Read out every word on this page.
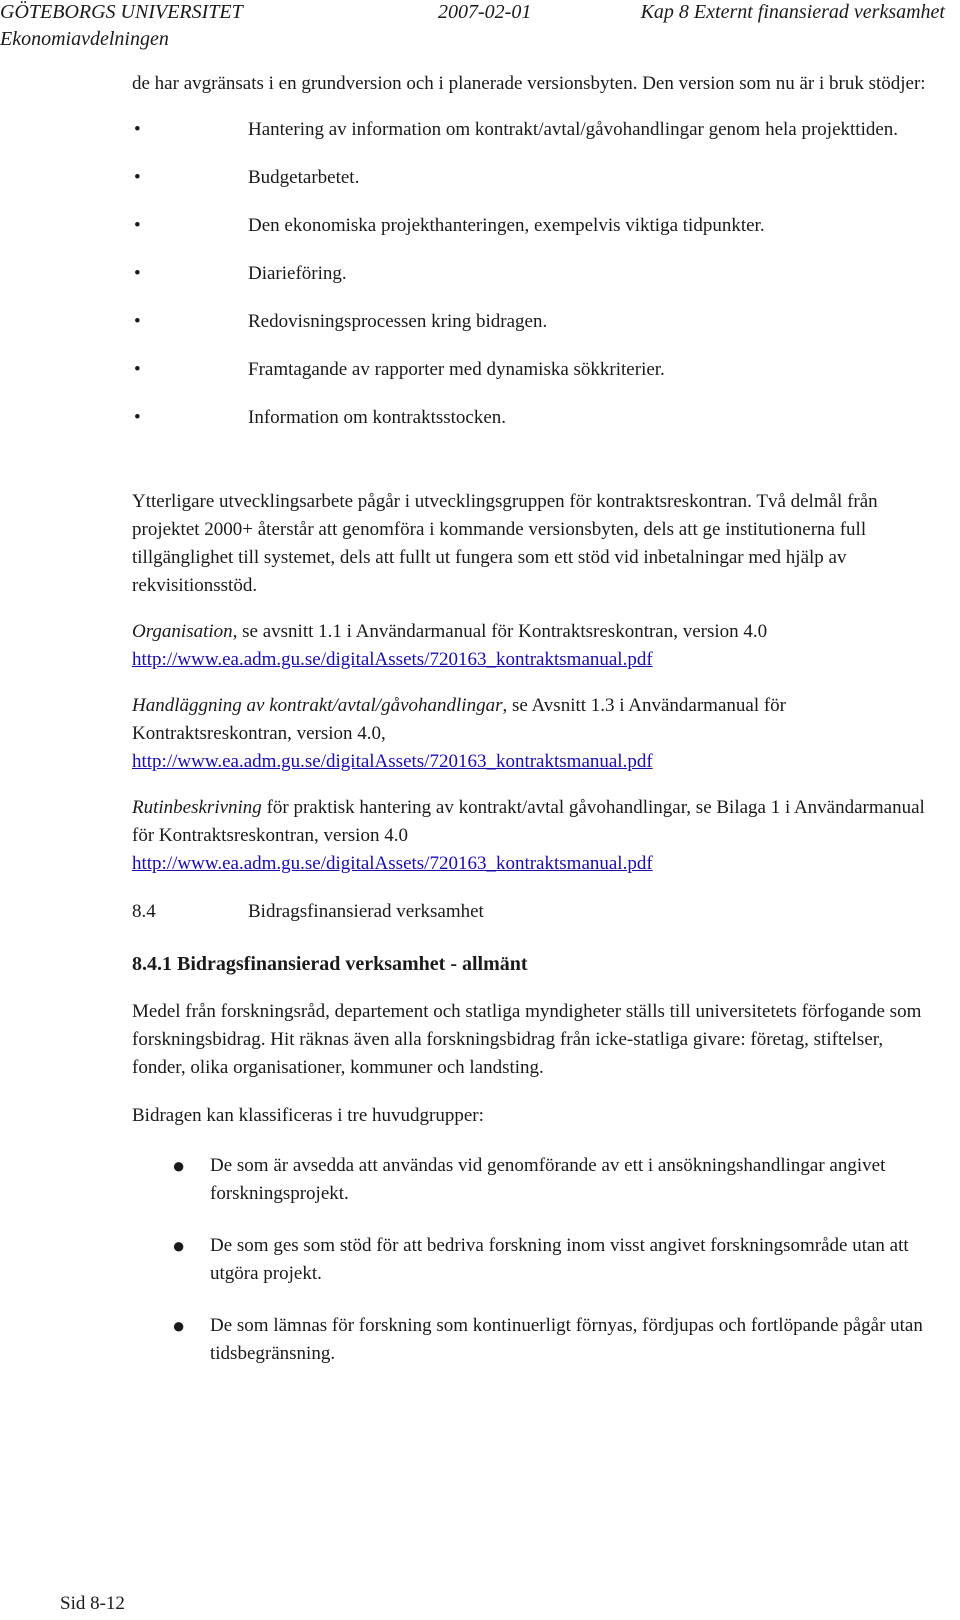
GÖTEBORGS UNIVERSITET	2007-02-01	Kap 8 Externt finansierad verksamhet
Ekonomiavdelningen

de har avgränsats i en grundversion och i planerade versionsbyten. Den version som nu är i bruk stödjer:

•	Hantering av information om kontrakt/avtal/gåvohandlingar genom hela projekttiden.
•	Budgetarbetet.
•	Den ekonomiska projekthanteringen, exempelvis viktiga tidpunkter.
•	Diarieföring.
•	Redovisningsprocessen kring bidragen.
•	Framtagande av rapporter med dynamiska sökkriterier.
•	Information om kontraktsstocken.

Ytterligare utvecklingsarbete pågår i utvecklingsgruppen för kontraktsreskontran. Två delmål från projektet 2000+ återstår att genomföra i kommande versionsbyten, dels att ge institutionerna full tillgänglighet till systemet, dels att fullt ut fungera som ett stöd vid inbetalningar med hjälp av rekvisitionsstöd.

Organisation, se avsnitt 1.1 i Användarmanual för Kontraktsreskontran, version 4.0
http://www.ea.adm.gu.se/digitalAssets/720163_kontraktsmanual.pdf

Handläggning av kontrakt/avtal/gåvohandlingar, se Avsnitt 1.3 i Användarmanual för Kontraktsreskontran, version 4.0,
http://www.ea.adm.gu.se/digitalAssets/720163_kontraktsmanual.pdf

Rutinbeskrivning för praktisk hantering av kontrakt/avtal gåvohandlingar, se Bilaga 1 i Användarmanual för Kontraktsreskontran, version 4.0
http://www.ea.adm.gu.se/digitalAssets/720163_kontraktsmanual.pdf

8.4	Bidragsfinansierad verksamhet

8.4.1 Bidragsfinansierad verksamhet - allmänt

Medel från forskningsråd, departement och statliga myndigheter ställs till universitetets förfogande som forskningsbidrag. Hit räknas även alla forskningsbidrag från icke-statliga givare: företag, stiftelser, fonder, olika organisationer, kommuner och landsting.

Bidragen kan klassificeras i tre huvudgrupper:

● De som är avsedda att användas vid genomförande av ett i ansökningshandlingar angivet forskningsprojekt.
● De som ges som stöd för att bedriva forskning inom visst angivet forskningsområde utan att utgöra projekt.
● De som lämnas för forskning som kontinuerligt förnyas, fördjupas och fortlöpande pågår utan tidsbegränsning.
Sid 8-12
